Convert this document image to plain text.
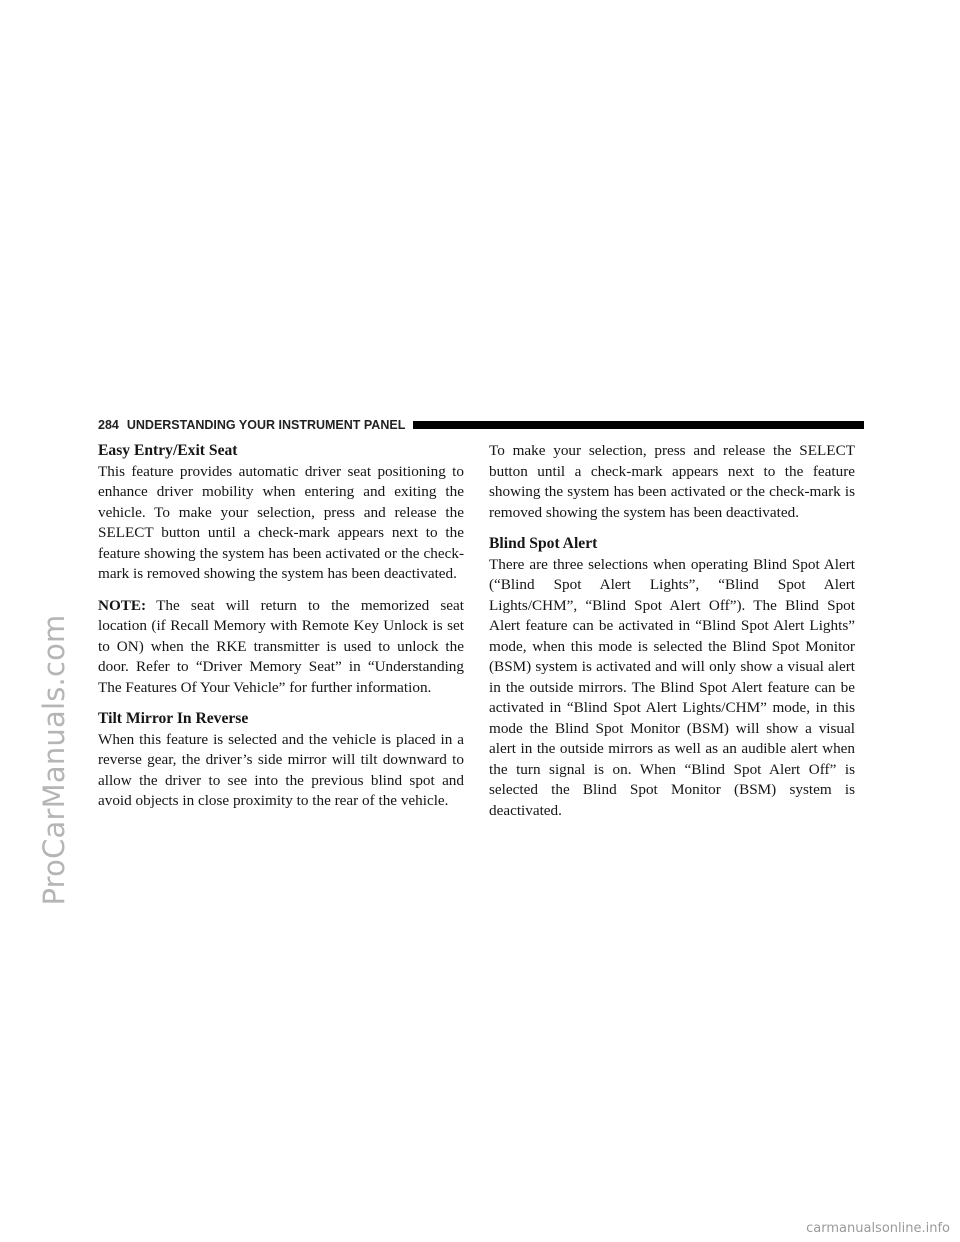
ProCarManuals.com
284 UNDERSTANDING YOUR INSTRUMENT PANEL
Easy Entry/Exit Seat

This feature provides automatic driver seat positioning to enhance driver mobility when entering and exiting the vehicle. To make your selection, press and release the SELECT button until a check-mark appears next to the feature showing the system has been activated or the check-mark is removed showing the system has been deactivated.

NOTE: The seat will return to the memorized seat location (if Recall Memory with Remote Key Unlock is set to ON) when the RKE transmitter is used to unlock the door. Refer to “Driver Memory Seat” in “Understanding The Features Of Your Vehicle” for further information.

Tilt Mirror In Reverse

When this feature is selected and the vehicle is placed in a reverse gear, the driver’s side mirror will tilt downward to allow the driver to see into the previous blind spot and avoid objects in close proximity to the rear of the vehicle.

To make your selection, press and release the SELECT button until a check-mark appears next to the feature showing the system has been activated or the check-mark is removed showing the system has been deactivated.

Blind Spot Alert

There are three selections when operating Blind Spot Alert (“Blind Spot Alert Lights”, “Blind Spot Alert Lights/CHM”, “Blind Spot Alert Off”). The Blind Spot Alert feature can be activated in “Blind Spot Alert Lights” mode, when this mode is selected the Blind Spot Monitor (BSM) system is activated and will only show a visual alert in the outside mirrors. The Blind Spot Alert feature can be activated in “Blind Spot Alert Lights/CHM” mode, in this mode the Blind Spot Monitor (BSM) will show a visual alert in the outside mirrors as well as an audible alert when the turn signal is on. When “Blind Spot Alert Off” is selected the Blind Spot Monitor (BSM) system is deactivated.

carmanualsonline.info
